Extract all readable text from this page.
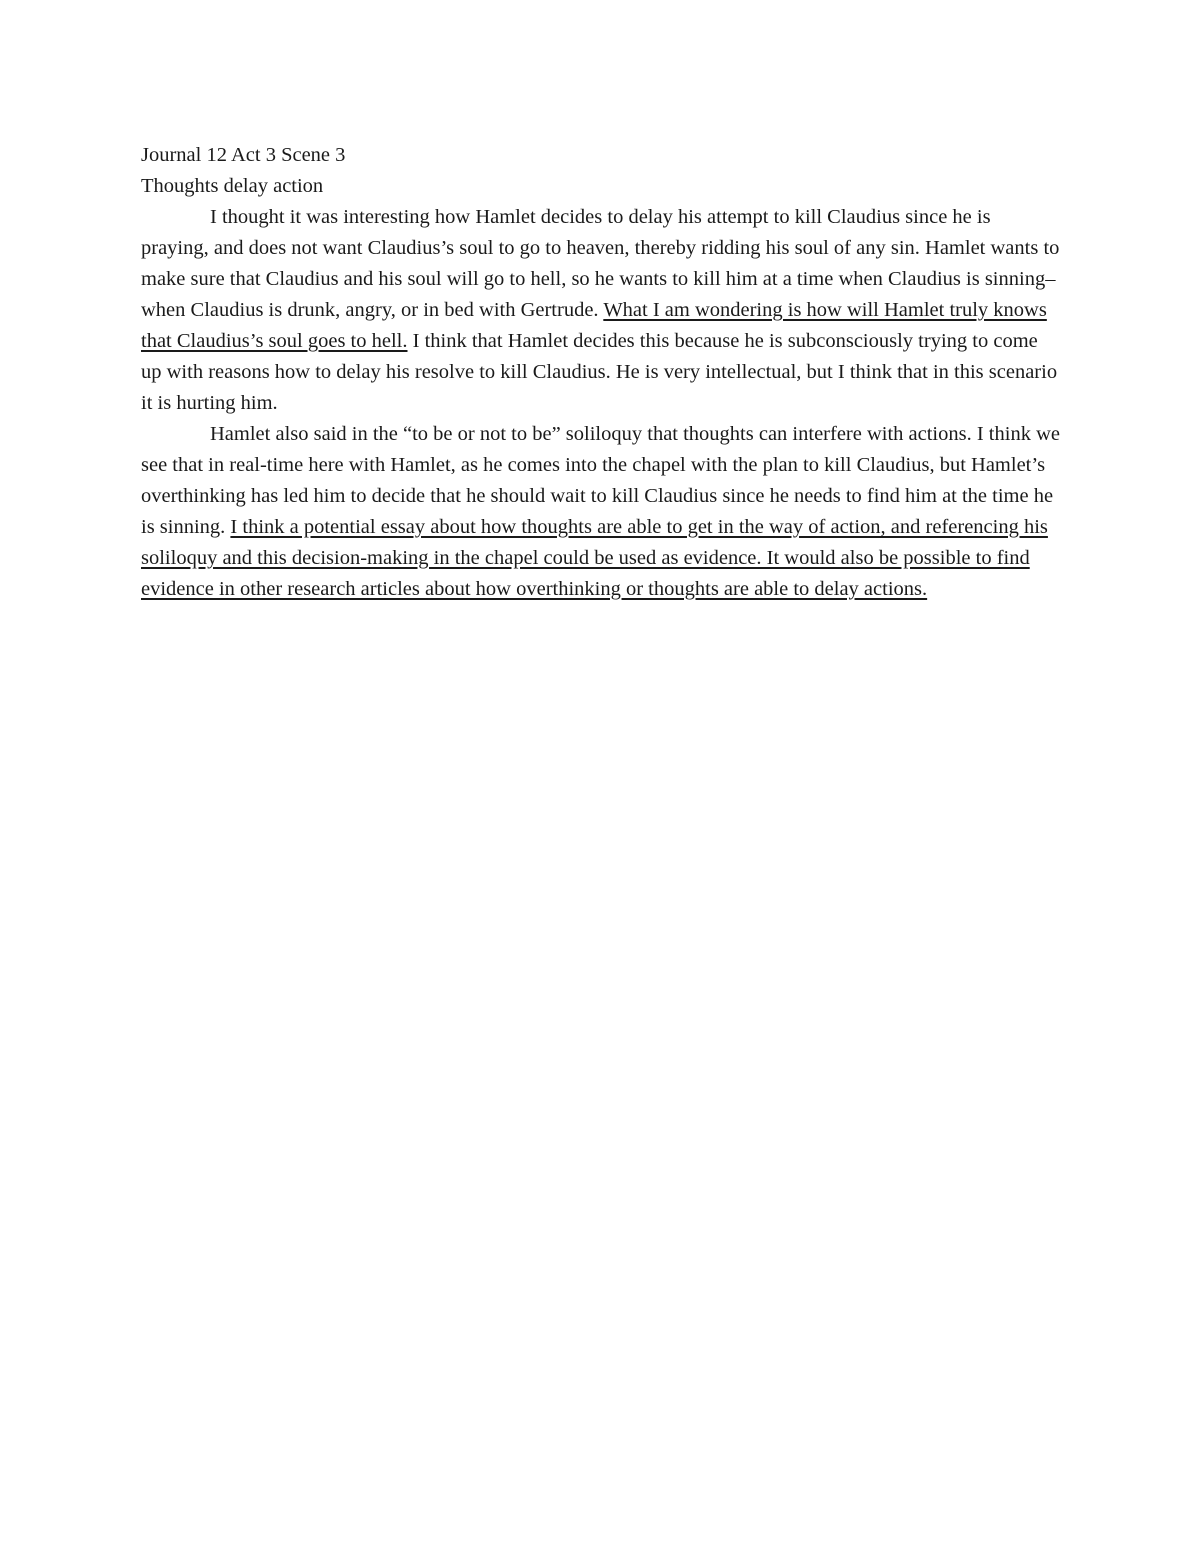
Journal 12 Act 3 Scene 3

Thoughts delay action

I thought it was interesting how Hamlet decides to delay his attempt to kill Claudius since he is praying, and does not want Claudius’s soul to go to heaven, thereby ridding his soul of any sin. Hamlet wants to make sure that Claudius and his soul will go to hell, so he wants to kill him at a time when Claudius is sinning– when Claudius is drunk, angry, or in bed with Gertrude. What I am wondering is how will Hamlet truly knows that Claudius’s soul goes to hell. I think that Hamlet decides this because he is subconsciously trying to come up with reasons how to delay his resolve to kill Claudius. He is very intellectual, but I think that in this scenario it is hurting him.

Hamlet also said in the “to be or not to be” soliloquy that thoughts can interfere with actions. I think we see that in real-time here with Hamlet, as he comes into the chapel with the plan to kill Claudius, but Hamlet’s overthinking has led him to decide that he should wait to kill Claudius since he needs to find him at the time he is sinning. I think a potential essay about how thoughts are able to get in the way of action, and referencing his soliloquy and this decision-making in the chapel could be used as evidence. It would also be possible to find evidence in other research articles about how overthinking or thoughts are able to delay actions.
